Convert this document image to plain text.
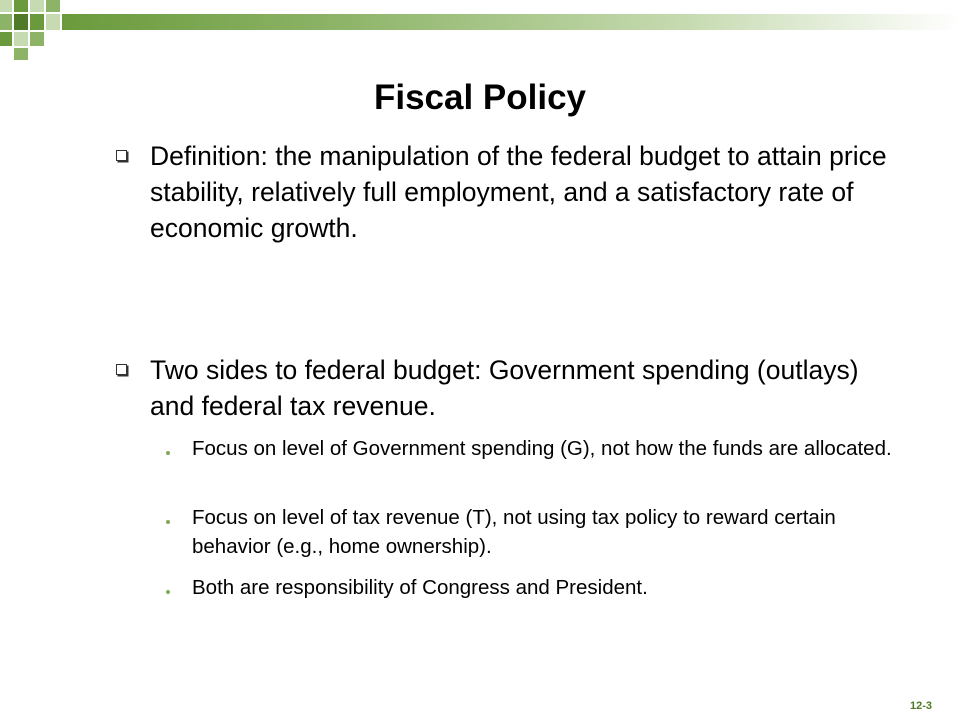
Fiscal Policy
Definition: the manipulation of the federal budget to attain price stability, relatively full employment, and a satisfactory rate of economic growth.
Two sides to federal budget: Government spending (outlays) and federal tax revenue.
Focus on level of Government spending (G), not how the funds are allocated.
Focus on level of tax revenue (T), not using tax policy to reward certain behavior (e.g., home ownership).
Both are responsibility of Congress and President.
12-3
